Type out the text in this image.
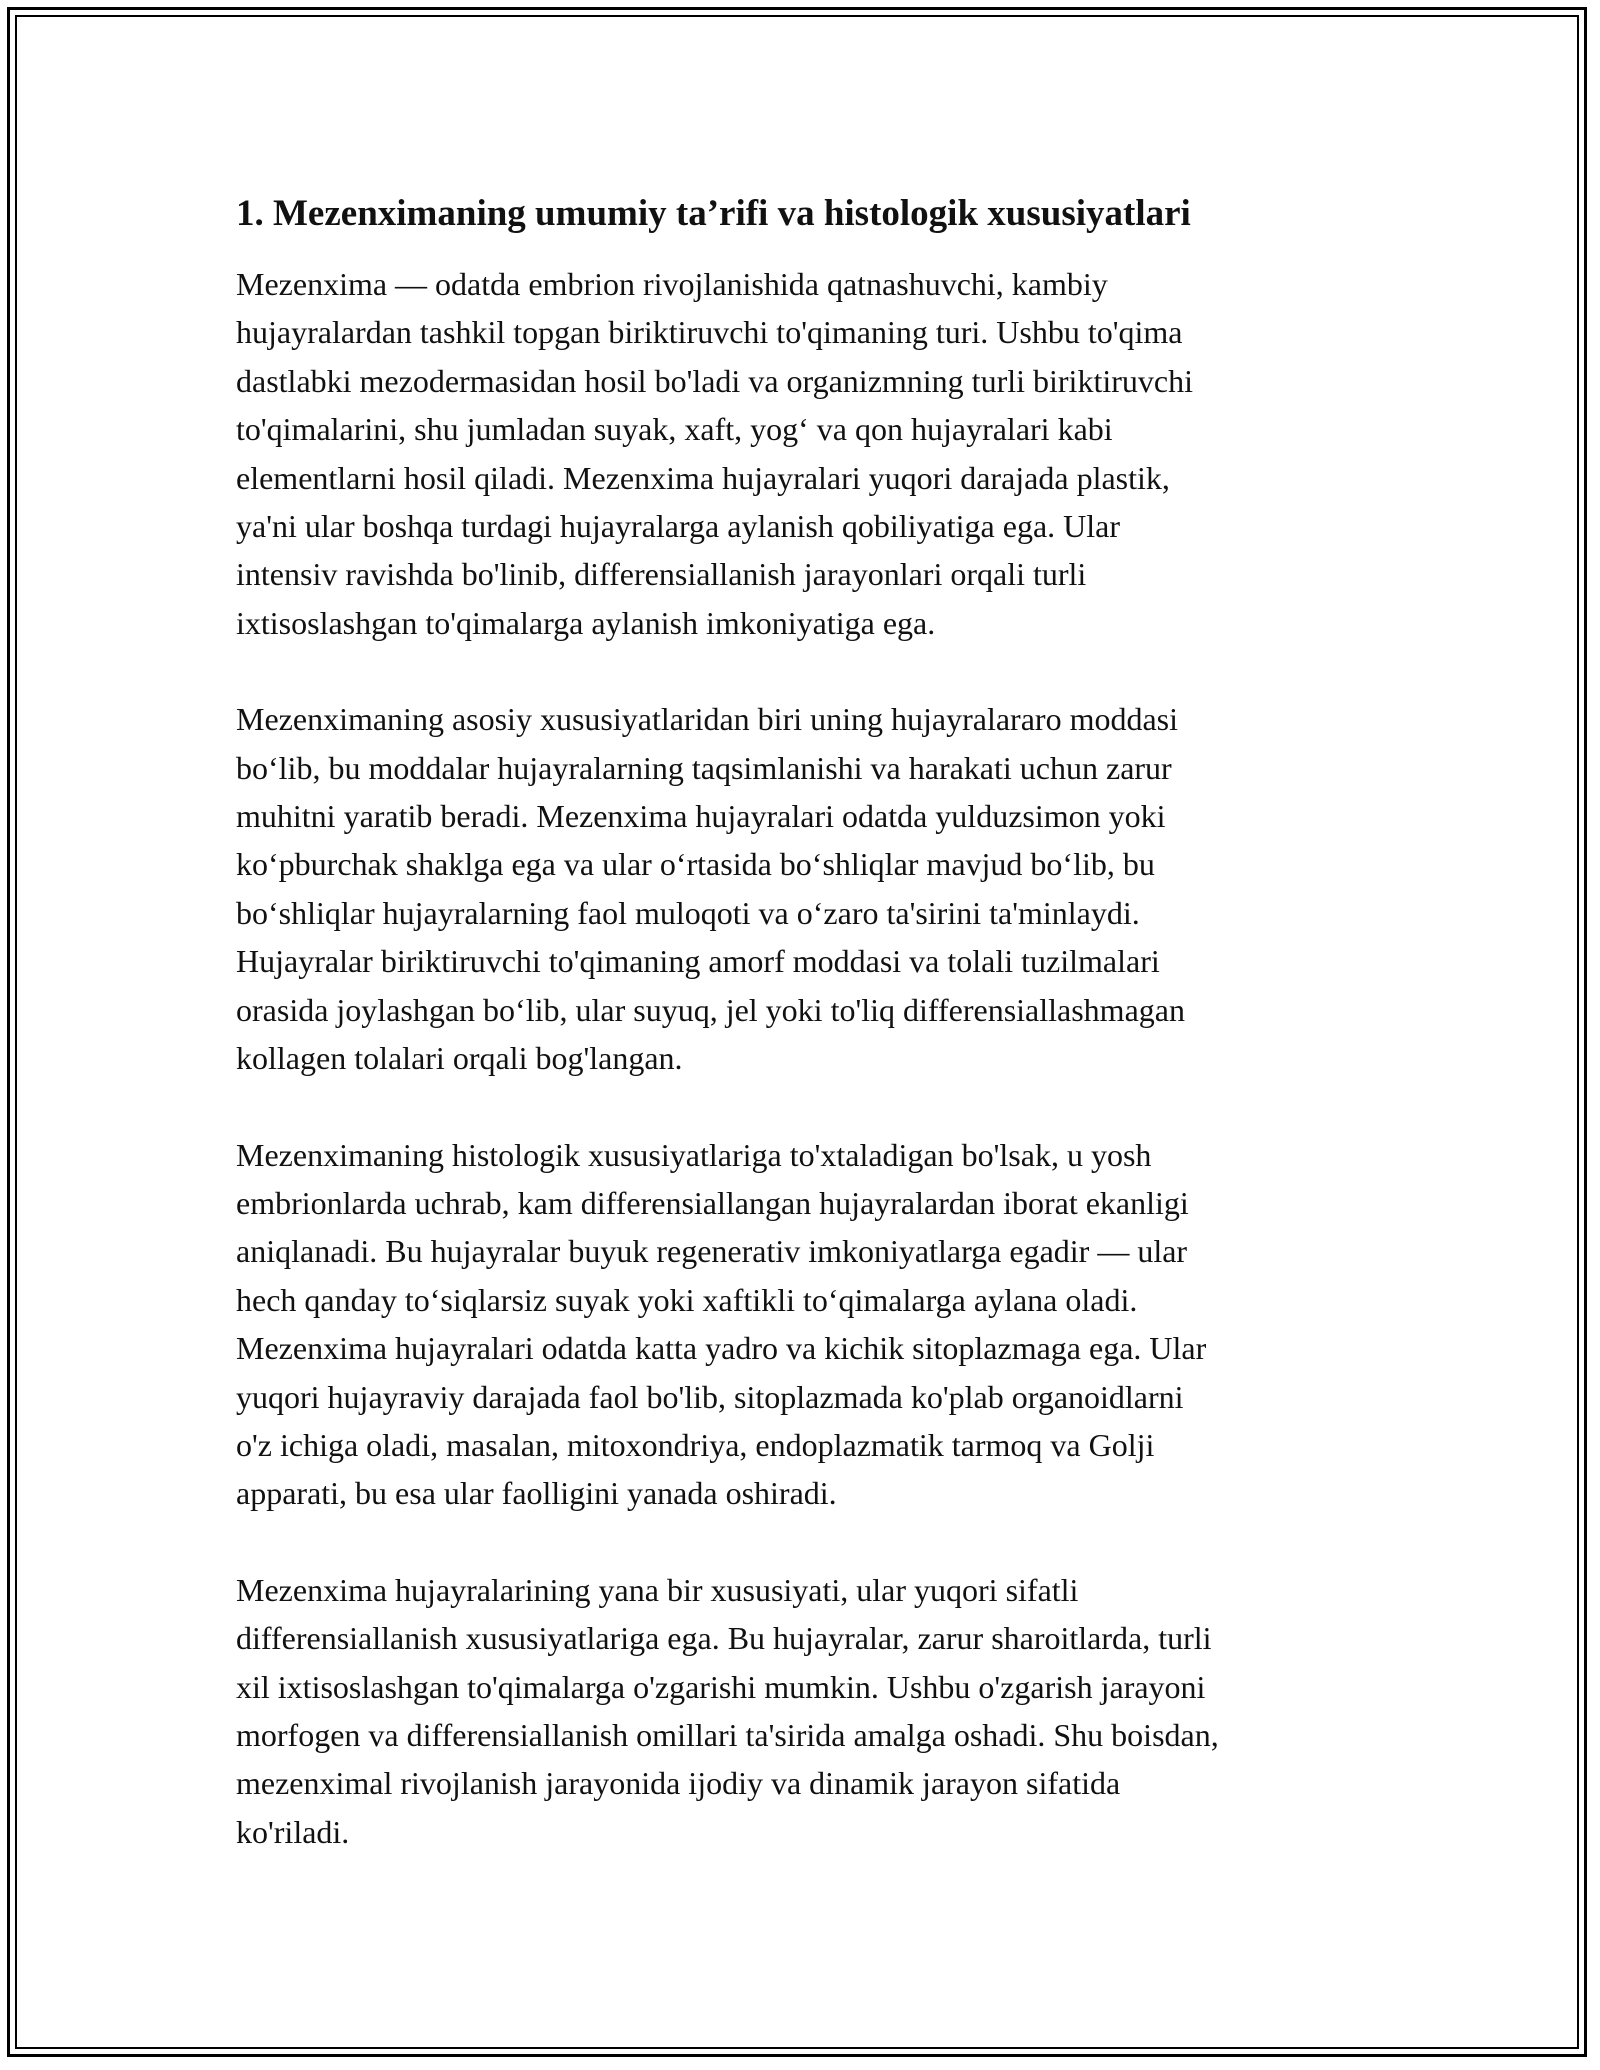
1. Mezenximaning umumiy ta’rifi va histologik xususiyatlari

Mezenxima — odatda embrion rivojlanishida qatnashuvchi, kambiy
hujayralardan tashkil topgan biriktiruvchi to'qimaning turi. Ushbu to'qima
dastlabki mezodermasidan hosil bo'ladi va organizmning turli biriktiruvchi
to'qimalarini, shu jumladan suyak, xaft, yog‘ va qon hujayralari kabi
elementlarni hosil qiladi. Mezenxima hujayralari yuqori darajada plastik,
ya'ni ular boshqa turdagi hujayralarga aylanish qobiliyatiga ega. Ular
intensiv ravishda bo'linib, differensiallanish jarayonlari orqali turli
ixtisoslashgan to'qimalarga aylanish imkoniyatiga ega.

Mezenximaning asosiy xususiyatlaridan biri uning hujayralararo moddasi
bo‘lib, bu moddalar hujayralarning taqsimlanishi va harakati uchun zarur
muhitni yaratib beradi. Mezenxima hujayralari odatda yulduzsimon yoki
ko‘pburchak shaklga ega va ular o‘rtasida bo‘shliqlar mavjud bo‘lib, bu
bo‘shliqlar hujayralarning faol muloqoti va o‘zaro ta'sirini ta'minlaydi.
Hujayralar biriktiruvchi to'qimaning amorf moddasi va tolali tuzilmalari
orasida joylashgan bo‘lib, ular suyuq, jel yoki to'liq differensiallashmagan
kollagen tolalari orqali bog'langan.

Mezenximaning histologik xususiyatlariga to'xtaladigan bo'lsak, u yosh
embrionlarda uchrab, kam differensiallangan hujayralardan iborat ekanligi
aniqlanadi. Bu hujayralar buyuk regenerativ imkoniyatlarga egadir — ular
hech qanday to‘siqlarsiz suyak yoki xaftikli to‘qimalarga aylana oladi.
Mezenxima hujayralari odatda katta yadro va kichik sitoplazmaga ega. Ular
yuqori hujayraviy darajada faol bo'lib, sitoplazmada ko'plab organoidlarni
o'z ichiga oladi, masalan, mitoxondriya, endoplazmatik tarmoq va Golji
apparati, bu esa ular faolligini yanada oshiradi.

Mezenxima hujayralarining yana bir xususiyati, ular yuqori sifatli
differensiallanish xususiyatlariga ega. Bu hujayralar, zarur sharoitlarda, turli
xil ixtisoslashgan to'qimalarga o'zgarishi mumkin. Ushbu o'zgarish jarayoni
morfogen va differensiallanish omillari ta'sirida amalga oshadi. Shu boisdan,
mezenximal rivojlanish jarayonida ijodiy va dinamik jarayon sifatida
ko'riladi.
